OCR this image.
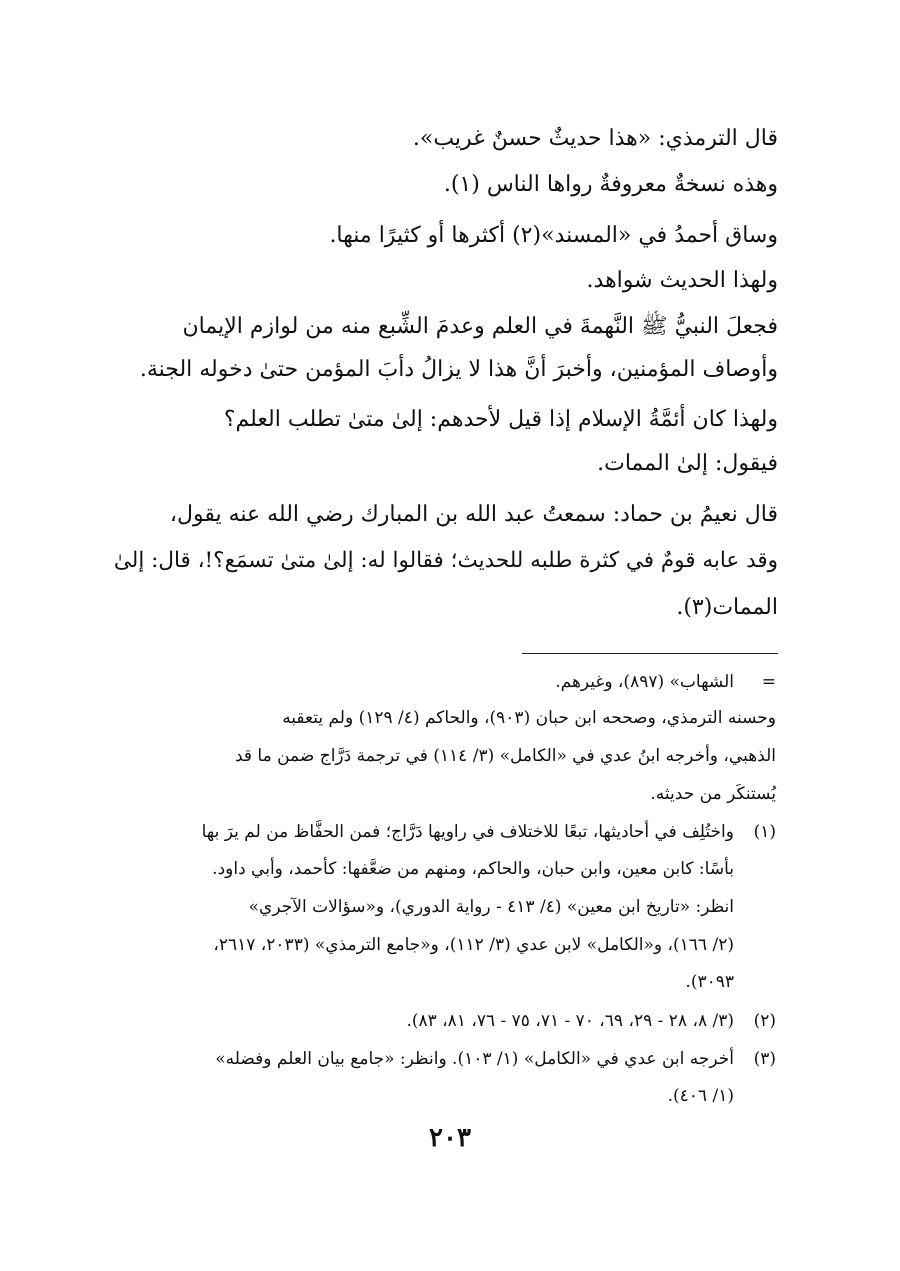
قال الترمذي: «هذا حديثٌ حسنٌ غريب».
وهذه نسخةٌ معروفةٌ رواها الناس (١).
وساق أحمدُ في «المسند»(٢) أكثرها أو كثيرًا منها.
ولهذا الحديث شواهد.
فجعلَ النبيُّ ﷺ النَّهمةَ في العلم وعدمَ الشِّبع منه من لوازم الإيمان
وأوصاف المؤمنين، وأخبرَ أنَّ هذا لا يزالُ دأبَ المؤمن حتىٰ دخوله الجنة.
ولهذا كان أئمَّةُ الإسلام إذا قيل لأحدهم: إلىٰ متىٰ تطلب العلم؟
فيقول: إلىٰ الممات.
قال نعيمُ بن حماد: سمعتُ عبد الله بن المبارك رضي الله عنه يقول،
وقد عابه قومٌ في كثرة طلبه للحديث؛ فقالوا له: إلىٰ متىٰ تسمَع؟!، قال: إلىٰ
الممات(٣).
=
الشهاب» (٨٩٧)، وغيرهم.
وحسنه الترمذي، وصححه ابن حبان (٩٠٣)، والحاكم (٤/ ١٢٩) ولم يتعقبه
الذهبي، وأخرجه ابنُ عدي في «الكامل» (٣/ ١١٤) في ترجمة دَرَّاج ضمن ما قد
يُستنكَر من حديثه.
(١)
واختُلِف في أحاديثها، تبعًا للاختلاف في راويها دَرَّاج؛ فمن الحفَّاظ من لم يرَ بها
بأسًا: كابن معين، وابن حبان، والحاكم، ومنهم من ضعَّفها: كأحمد، وأبي داود.
انظر: «تاريخ ابن معين» (٤/ ٤١٣ - رواية الدوري)، و«سؤالات الآجري»
(٢/ ١٦٦)، و«الكامل» لابن عدي (٣/ ١١٢)، و«جامع الترمذي» (٢٠٣٣، ٢٦١٧،
٣٠٩٣).
(٢)
(٣/ ٨، ٢٨ - ٢٩، ٦٩، ٧٠ - ٧١، ٧٥ - ٧٦، ٨١، ٨٣).
(٣)
أخرجه ابن عدي في «الكامل» (١/ ١٠٣). وانظر: «جامع بيان العلم وفضله»
(١/ ٤٠٦).
٢٠٣
